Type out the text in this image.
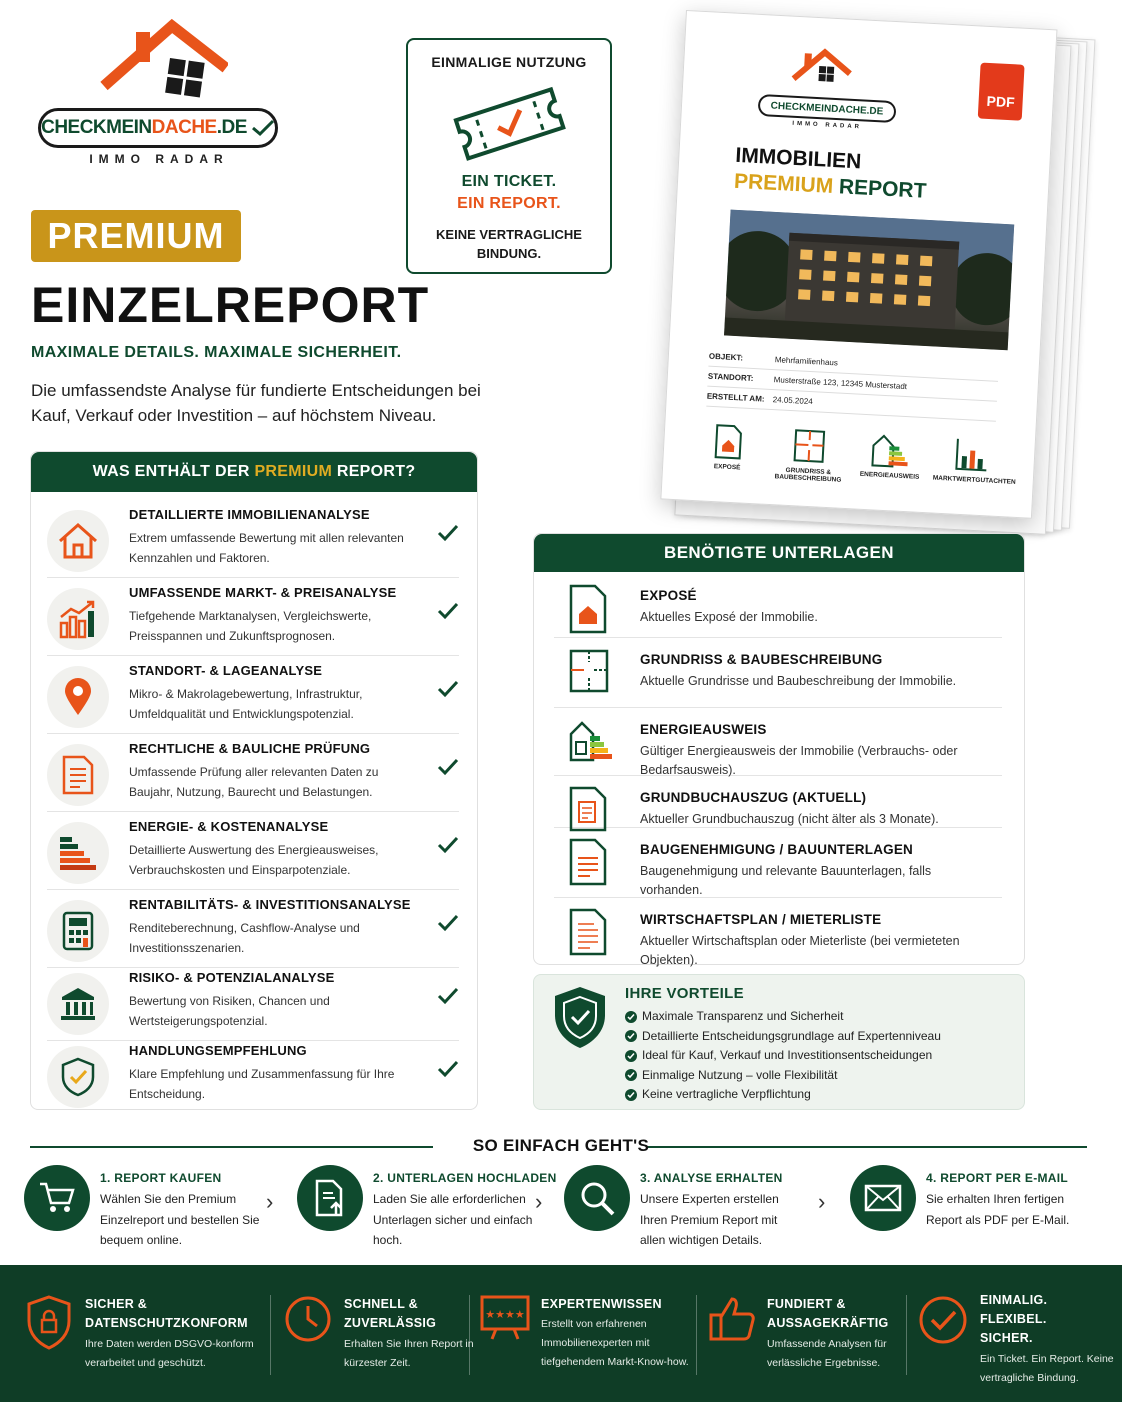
CHECKMEIN DACHE .DE
IMMO RADAR
EINMALIGE NUTZUNG
EIN TICKET.
EIN REPORT.
KEINE VERTRAGLICHE BINDUNG.
PREMIUM
EINZELREPORT
MAXIMALE DETAILS. MAXIMALE SICHERHEIT.
Die umfassendste Analyse für fundierte Entscheidungen bei Kauf, Verkauf oder Investition – auf höchstem Niveau.
PDF
CHECKMEINDACHE.DE
IMMO RADAR
IMMOBILIEN
PREMIUM REPORT
OBJEKT:	Mehrfamilienhaus
STANDORT:	Musterstraße 123, 12345 Musterstadt
ERSTELLT AM: 24.05.2024
EXPOSÉ	GRUNDRISS & BAUBESCHREIBUNG	ENERGIEAUSWEIS	MARKTWERTGUTACHTEN
WAS ENTHÄLT DER
PREMIUM
REPORT?
DETAILLIERTE IMMOBILIENANALYSE
Extrem umfassende Bewertung mit allen relevanten Kennzahlen und Faktoren.
UMFASSENDE MARKT- & PREISANALYSE
Tiefgehende Marktanalysen, Vergleichswerte, Preisspannen und Zukunftsprognosen.
STANDORT- & LAGEANALYSE
Mikro- & Makrolagebewertung, Infrastruktur, Umfeldqualität und Entwicklungspotenzial.
RECHTLICHE & BAULICHE PRÜFUNG
Umfassende Prüfung aller relevanten Daten zu Baujahr, Nutzung, Baurecht und Belastungen.
ENERGIE- & KOSTENANALYSE
Detaillierte Auswertung des Energieausweises, Verbrauchskosten und Einsparpotenziale.
RENTABILITÄTS- & INVESTITIONSANALYSE
Renditeberechnung, Cashflow-Analyse und Investitionsszenarien.
RISIKO- & POTENZIALANALYSE
Bewertung von Risiken, Chancen und Wertsteigerungspotenzial.
HANDLUNGSEMPFEHLUNG
Klare Empfehlung und Zusammenfassung für Ihre Entscheidung.
BENÖTIGTE UNTERLAGEN
EXPOSÉ
Aktuelles Exposé der Immobilie.
GRUNDRISS & BAUBESCHREIBUNG
Aktuelle Grundrisse und Baubeschreibung der Immobilie.
ENERGIEAUSWEIS
Gültiger Energieausweis der Immobilie (Verbrauchs- oder Bedarfsausweis).
GRUNDBUCHAUSZUG (AKTUELL)
Aktueller Grundbuchauszug (nicht älter als 3 Monate).
BAUGENEHMIGUNG / BAUUNTERLAGEN
Baugenehmigung und relevante Bauunterlagen, falls vorhanden.
WIRTSCHAFTSPLAN / MIETERLISTE
Aktueller Wirtschaftsplan oder Mieterliste (bei vermieteten Objekten).
IHRE VORTEILE
Maximale Transparenz und Sicherheit
Detaillierte Entscheidungsgrundlage auf Expertenniveau
Ideal für Kauf, Verkauf und Investitionsentscheidungen
Einmalige Nutzung – volle Flexibilität
Keine vertragliche Verpflichtung
SO EINFACH GEHT'S
1. REPORT KAUFEN
Wählen Sie den Premium Einzelreport und bestellen Sie bequem online.
›
2. UNTERLAGEN HOCHLADEN
Laden Sie alle erforderlichen Unterlagen sicher und einfach hoch.
›
3. ANALYSE ERHALTEN
Unsere Experten erstellen Ihren Premium Report mit allen wichtigen Details.
›
4. REPORT PER E-MAIL
Sie erhalten Ihren fertigen Report als PDF per E-Mail.
SICHER & DATENSCHUTZKONFORM
Ihre Daten werden DSGVO-konform verarbeitet und geschützt.
SCHNELL & ZUVERLÄSSIG
Erhalten Sie Ihren Report in kürzester Zeit.
★★★★
EXPERTENWISSEN
Erstellt von erfahrenen Immobilienexperten mit tiefgehendem Markt-Know-how.
FUNDIERT & AUSSAGEKRÄFTIG
Umfassende Analysen für verlässliche Ergebnisse.
EINMALIG. FLEXIBEL. SICHER.
Ein Ticket. Ein Report. Keine vertragliche Bindung.
